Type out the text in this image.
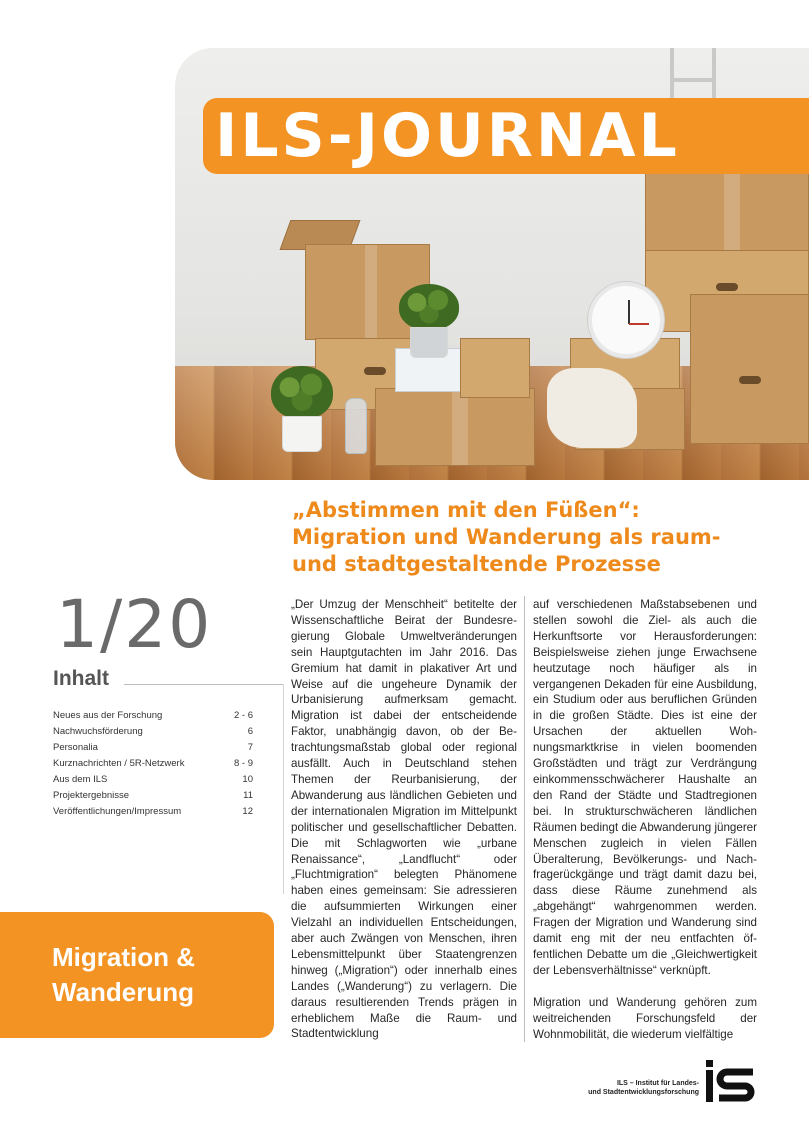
ILS-JOURNAL
„Abstimmen mit den Füßen“:
Migration und Wanderung als raum-
und stadtgestaltende Prozesse
1/20
Inhalt
Neues aus der Forschung	2 - 6
Nachwuchsförderung	6
Personalia	7
Kurznachrichten / 5R-Netzwerk	8 - 9
Aus dem ILS	10
Projektergebnisse	11
Veröffentlichungen/Impressum	12
Migration &
Wanderung

„Der Umzug der Menschheit“ betitelte der Wissenschaftliche Beirat der Bundesregierung Globale Umweltveränderungen sein Hauptgutachten im Jahr 2016. Das Gremium hat damit in plakativer Art und Weise auf die ungeheure Dynamik der Urbanisierung aufmerksam gemacht. Migration ist dabei der entscheidende Faktor, unabhängig davon, ob der Betrachtungsmaßstab global oder regional ausfällt. Auch in Deutschland stehen Themen der Reurbanisierung, der Abwanderung aus ländlichen Gebieten und der internationalen Migration im Mittelpunkt politischer und gesellschaftlicher Debatten. Die mit Schlagworten wie „urbane Renaissance“, „Landflucht“ oder „Fluchtmigration“ belegten Phänomene haben eines gemeinsam: Sie adressieren die aufsummierten Wirkungen einer Vielzahl an individuellen Entscheidungen, aber auch Zwängen von Menschen, ihren Lebensmittelpunkt über Staatengrenzen hinweg („Migration“) oder innerhalb eines Landes („Wanderung“) zu verlagern. Die daraus resultierenden Trends prägen in erheblichem Maße die Raum- und Stadtentwicklung

auf verschiedenen Maßstabsebenen und stellen sowohl die Ziel- als auch die Herkunftsorte vor Herausforderungen: Beispielsweise ziehen junge Erwachsene heutzutage noch häufiger als in vergangenen Dekaden für eine Ausbildung, ein Studium oder aus beruflichen Gründen in die großen Städte. Dies ist eine der Ursachen der aktuellen Wohnungsmarktkrise in vielen boomenden Großstädten und trägt zur Verdrängung einkommensschwächerer Haushalte an den Rand der Städte und Stadtregionen bei. In strukturschwächeren ländlichen Räumen bedingt die Abwanderung jüngerer Menschen zugleich in vielen Fällen Überalterung, Bevölkerungs- und Nachfragerückgänge und trägt damit dazu bei, dass diese Räume zunehmend als „abgehängt“ wahrgenommen werden. Fragen der Migration und Wanderung sind damit eng mit der neu entfachten öffentlichen Debatte um die „Gleichwertigkeit der Lebensverhältnisse“ verknüpft.

Migration und Wanderung gehören zum weitreichenden Forschungsfeld der Wohnmobilität, die wiederum vielfältige

ILS – Institut für Landes-
und Stadtentwicklungsforschung
